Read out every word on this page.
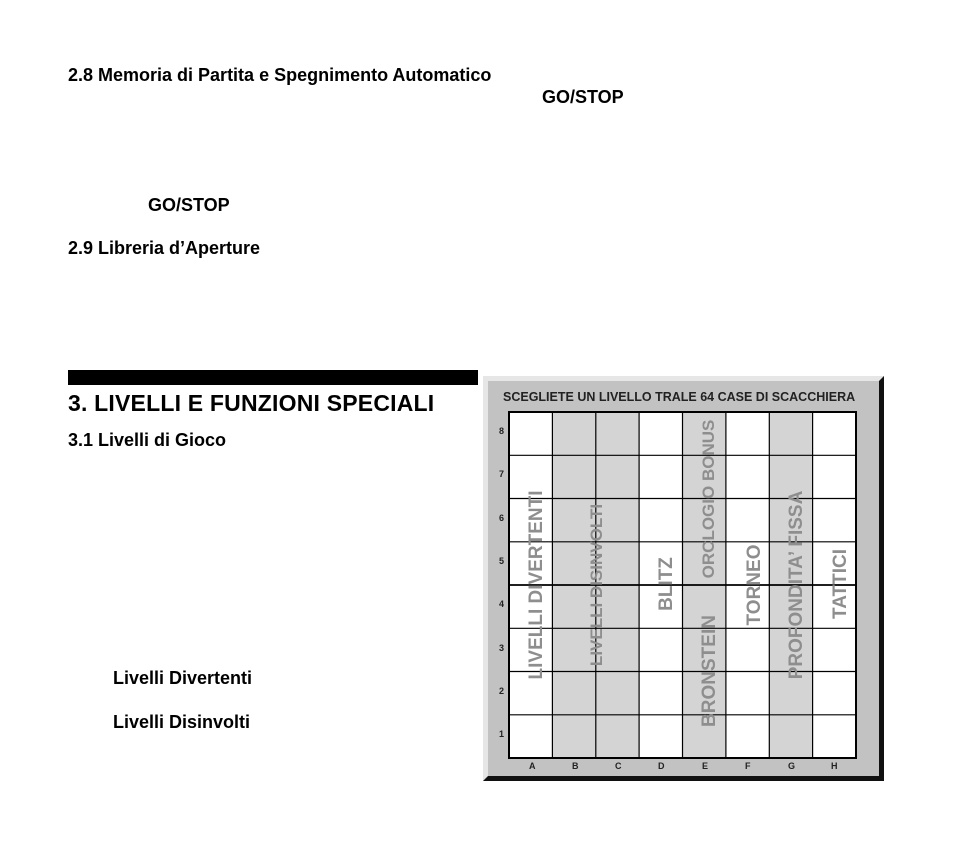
2.8 Memoria di Partita e Spegnimento Automatico
GO/STOP
GO/STOP
2.9 Libreria d’Aperture
3. LIVELLI E FUNZIONI SPECIALI
3.1 Livelli di Gioco
Livelli Divertenti
Livelli Disinvolti
SCEGLIETE UN LIVELLO TRALE 64 CASE DI SCACCHIERA
8
7
6
5
4
3
2
1
A	B	C	D	E	F	G	H
LIVELLI DIVERTENTI LIVELLI DISINVOLTI	BLITZ
ORCLOGIO BONUS
BRONSTEIN
TORNEO PROFONDITA’ FISSA TATTICI
